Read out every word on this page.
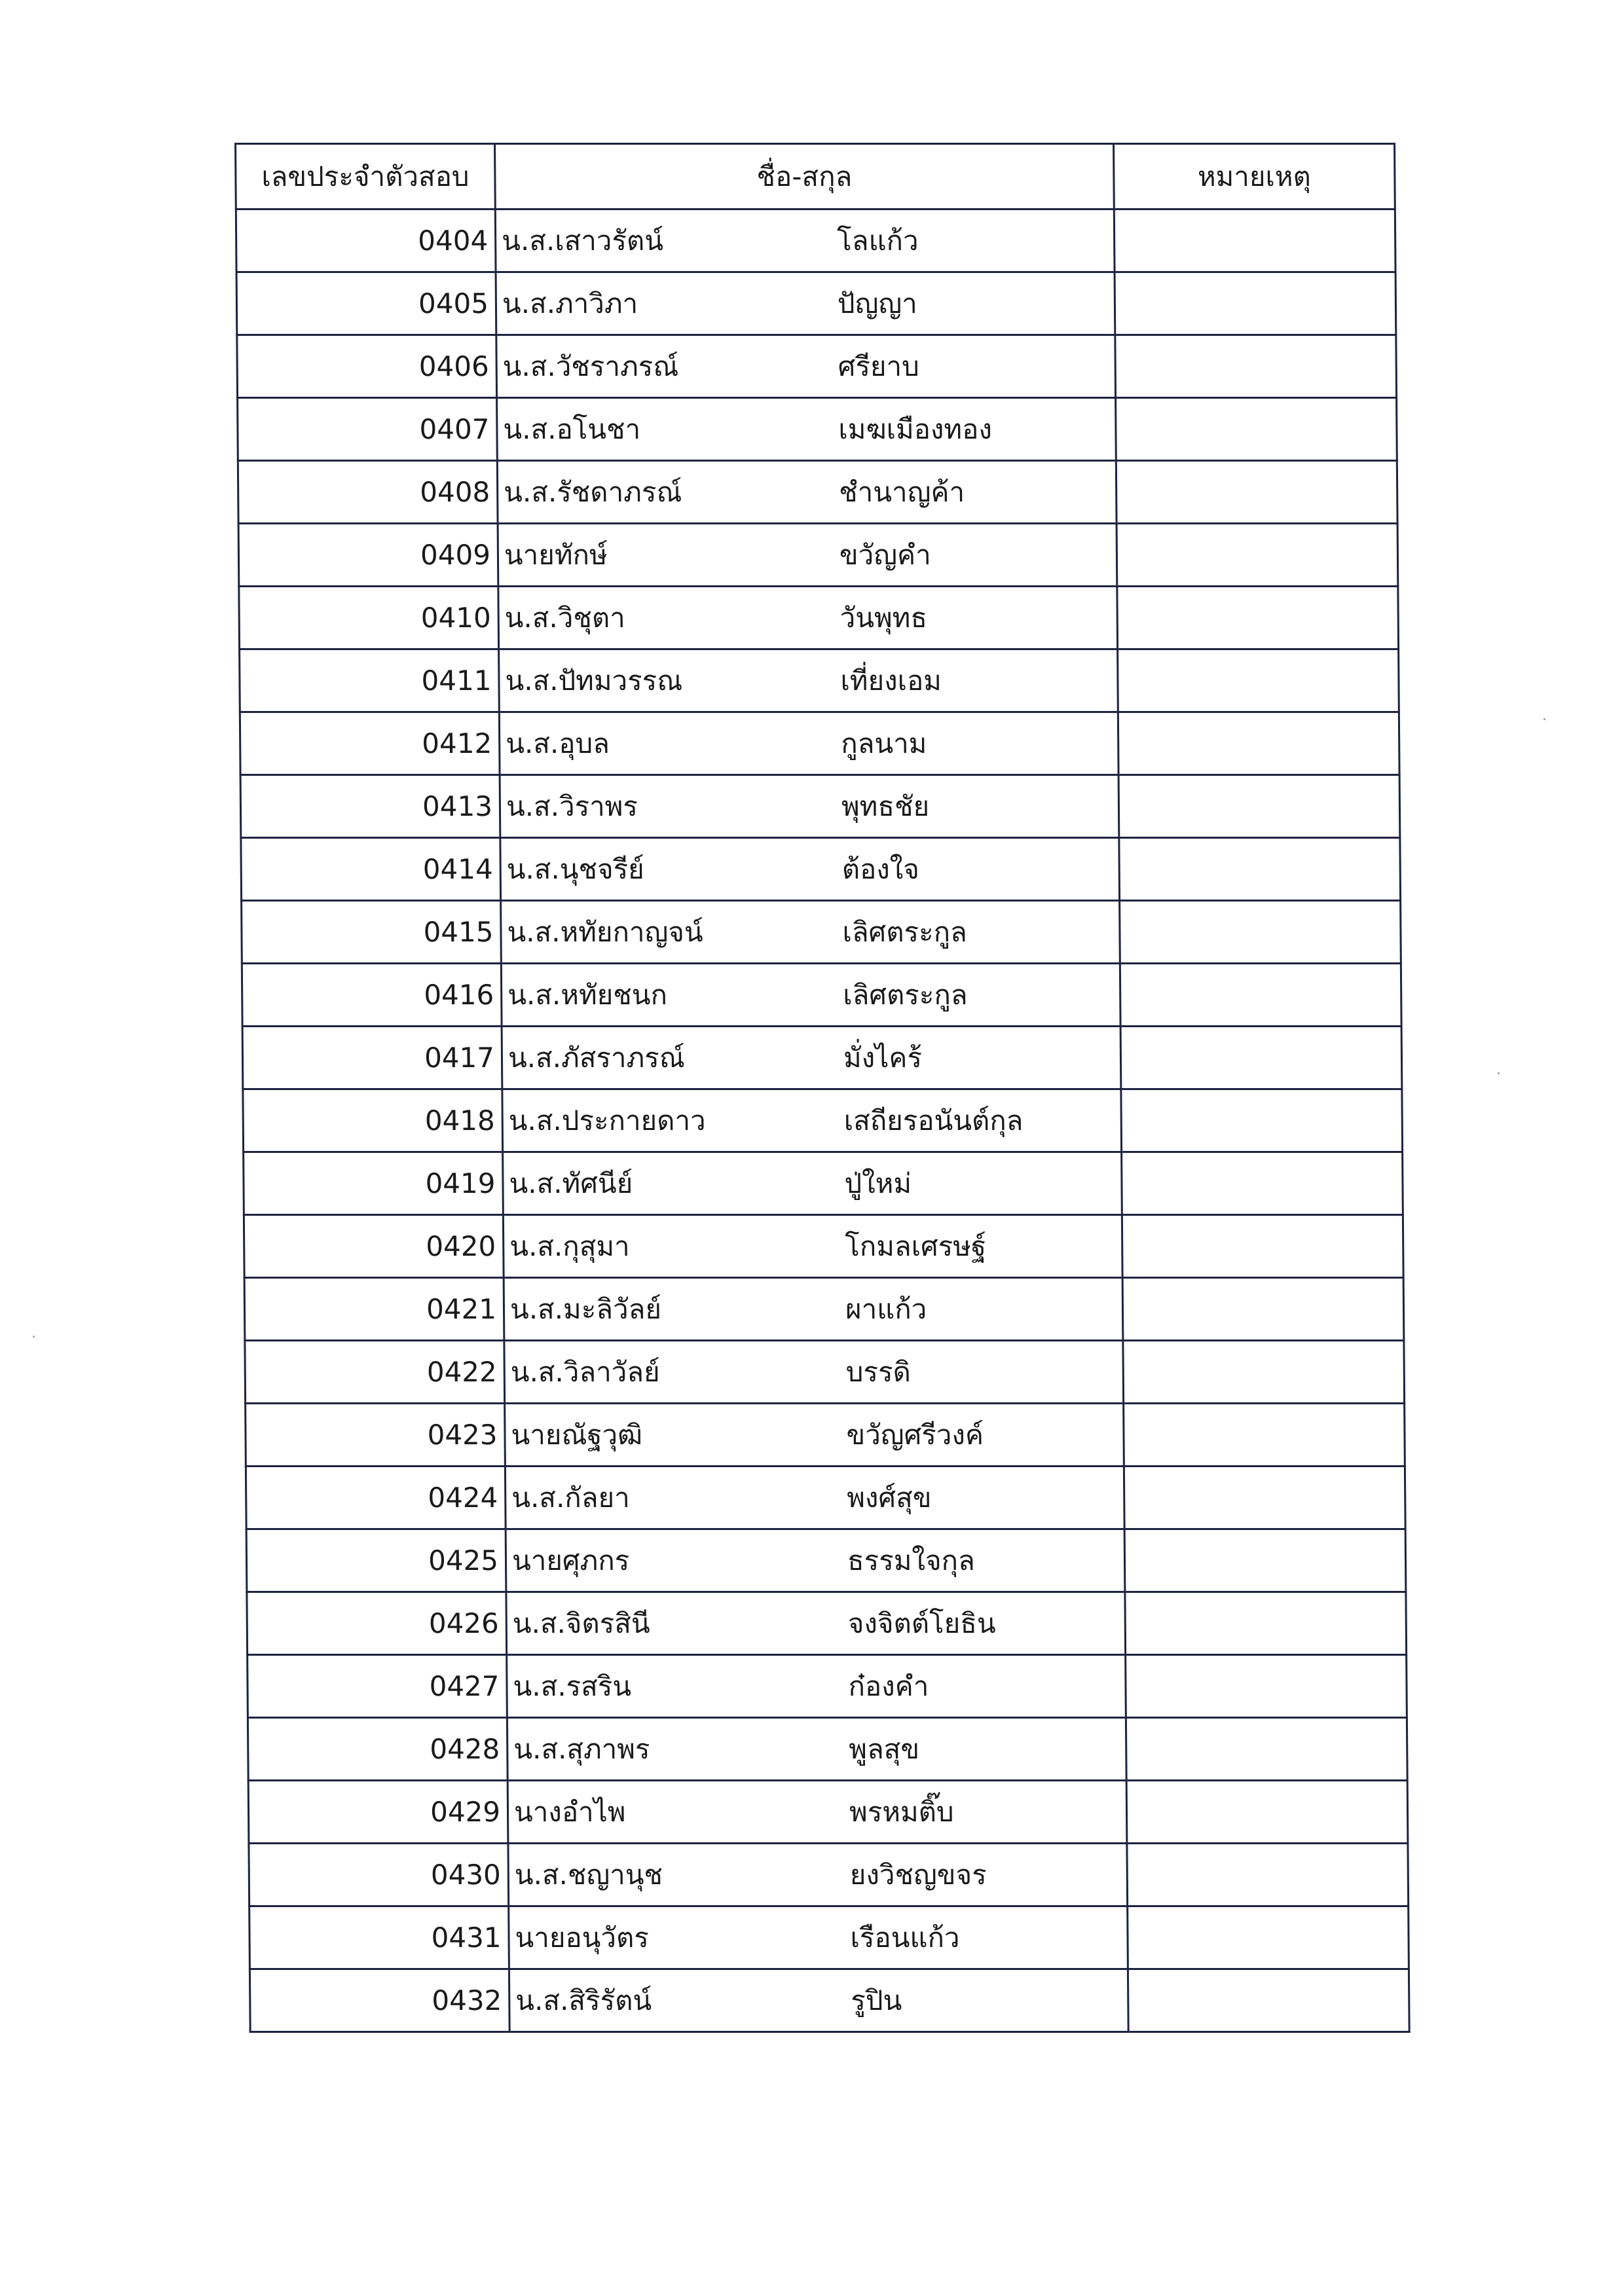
เลขประจำตัวสอบ	ชื่อ-สกุล	หมายเหตุ
0404	น.ส.เสาวรัตน์ โลแก้ว	

0405	น.ส.ภาวิภา ปัญญา	

0406	น.ส.วัชราภรณ์ ศรียาบ	

0407	น.ส.อโนชา เมฆเมืองทอง	

0408	น.ส.รัชดาภรณ์ ชำนาญค้า	

0409	นายทักษ์ ขวัญคำ	

0410	น.ส.วิชุตา วันพุทธ	

0411	น.ส.ปัทมวรรณ เที่ยงเอม	

0412	น.ส.อุบล กูลนาม	

0413	น.ส.วิราพร พุทธชัย	

0414	น.ส.นุชจรีย์ ต้องใจ	

0415	น.ส.หทัยกาญจน์ เลิศตระกูล	

0416	น.ส.หทัยชนก เลิศตระกูล	

0417	น.ส.ภัสราภรณ์ มั่งไคร้	

0418	น.ส.ประกายดาว เสถียรอนันต์กุล	

0419	น.ส.ทัศนีย์ ปู่ใหม่	

0420	น.ส.กุสุมา โกมลเศรษฐ์	

0421	น.ส.มะลิวัลย์ ผาแก้ว	

0422	น.ส.วิลาวัลย์ บรรดิ	

0423	นายณัฐวุฒิ ขวัญศรีวงค์	

0424	น.ส.กัลยา พงศ์สุข	

0425	นายศุภกร ธรรมใจกุล	

0426	น.ส.จิตรสินี จงจิตต์โยธิน	

0427	น.ส.รสริน ก๋องคำ	

0428	น.ส.สุภาพร พูลสุข	

0429	นางอำไพ พรหมติ๊บ	

0430	น.ส.ชญานุช ยงวิชญขจร	

0431	นายอนุวัตร เรือนแก้ว	

0432	น.ส.สิริรัตน์ รูปิน	
